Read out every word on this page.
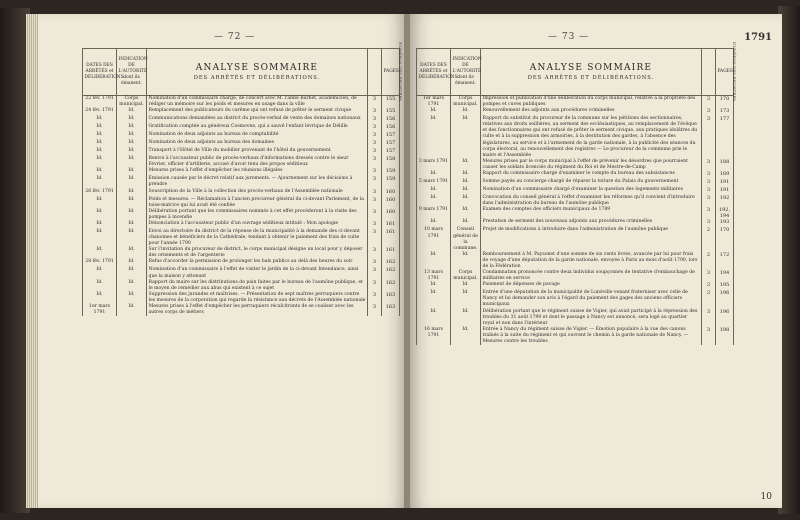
— 72 —
DATES DES ARRÊTÉS et DÉLIBÉRATIONS.	INDICATION DE L'AUTORITÉ dont ils émanent.	ANALYSE SOMMAIRE
DES ARRÊTÉS ET DÉLIBÉRATIONS.	NUMÉROS DES REGISTRES.	PAGES.
22 fév. 1791	Corps municipal.	Nomination d'un commissaire chargé, de concert avec M. l'abbé Barbet, académicien, de rédiger un mémoire sur les poids et mesures en usage dans la ville	3	155
24 fév. 1791	Id.	Remplacement des publicateurs du carême qui ont refusé de prêter le serment civique	3	155
Id.	Id.	Communications demandées au district du procès-verbal de vente des domaines nationaux	3	156
Id.	Id.	Gratification comptée au généreux Cosmovne, qui a sauvé l'enfant lévrique de Délille	3	156
Id.	Id.	Nomination de deux adjoints au bureau de comptabilité	3	157
Id.	Id.	Nomination de deux adjoints au bureau des domaines	3	157
Id.	Id.	Transport à l'Hôtel de Ville du mobilier provenant de l'hôtel du gouvernement	3	157
Id.	Id.	Renvoi à l'accusateur public de procès-verbaux d'informations dressés contre le sieur Février, officier d'artillerie, accusé d'avoir tenu des propos séditieux	3	158
Id.	Id.	Mesures prises à l'effet d'empêcher les réunions illégales	3	159
Id.	Id.	Émission causée par le décret relatif aux jurements. — Ajournement sur les décisions à prendre	3	159
26 fév. 1791	Id.	Souscription de la Ville à la collection des procès-verbaux de l'Assemblée nationale	3	160
Id.	Id.	Poids et mesures. — Réclamation à l'ancien procureur général du ci-devant Parlement, de la toise-matrice qui lui avait été confiée	3	160
Id.	Id.	Délibération portant que les commissaires nommés à cet effet procéderont à la visite des pompes à incendie	3	160
Id.	Id.	Dénonciation à l'accusateur public d'un ouvrage séditieux intitulé : Mon apologie	3	161
Id.	Id.	Envoi au directoire du district de la réponse de la municipalité à la demande des ci-devant chanoines et bénéficiers de la Cathédrale, tendant à obtenir le paiement des frais de culte pour l'année 1790	3	161
Id.	Id.	Sur l'invitation du procureur de district, le corps municipal désigne un local pour y déposer des ornements et de l'argenterie	3	161
28 fév. 1791	Id.	Refus d'accorder la permission de prolonger les bals publics au delà des heures du soir	3	162
Id.	Id.	Nomination d'un commissaire à l'effet de visiter le jardin de la ci-devant Intendance, ainsi que la maison y attenant	3	162
Id.	Id.	Rapport du maire sur les distributions de pain faites par le bureau de l'aumône publique, et le moyen de remédier aux abus qui existent à ce sujet	3	162
Id.	Id.	Suppression des jurandes et maîtrises. — Présentation de sept maîtres perruquiers contre les mesures de la corporation qui regarde la résistance aux décrets de l'Assemblée nationale	3	163
1er mars 1791	Id.	Mesures prises à l'effet d'empêcher les perruquiers récalcitrants de se coaliser avec les autres corps de métiers	3	163
— 73 —	1791
DATES DES ARRÊTÉS et DÉLIBÉRATIONS.	INDICATION DE L'AUTORITÉ dont ils émanent.	ANALYSE SOMMAIRE
DES ARRÊTÉS ET DÉLIBÉRATIONS.	NUMÉROS DES REGISTRES.	PAGES.
1er mars 1791	Corps municipal.	Impression et publication d'une délibération du corps municipal, relative à la propriété des pompes et cuves publiques	3	170
Id.	Id.	Renouvellement des adjoints aux procédures criminelles	3	173
Id.	Id.	Rapport du substitut du procureur de la commune sur les pétitions des sectionnaires, relatives aux droits seillières, au serment des ecclésiastiques, au remplacement de l'évêque et des fonctionnaires qui ont refusé de prêter le serment civique, aux pratiques idolâtres du culte et à la suppression des armoiries, à la destitution des gardes, à l'absence des législatures, au service et à l'armement de la garde nationale, à la publicité des séances du corps électoral, au renouvellement des registres — Le procureur de la commune prie le maire et l'Assemblée	3	177
3 mars 1791	Id.	Mesures prises par le corps municipal à l'effet de prévenir les désordres que pourraient causer les soldats licenciés du régiment du Roi et de Mestre-de-Camp	3	188
Id.	Id.	Rapport du commissaire chargé d'examiner le compte du bureau des subsistances	3	189
5 mars 1791	Id.	Somme payée au concierge chargé de réparer la toiture du Palais du gouvernement	3	191
Id.	Id.	Nomination d'un commissaire chargé d'examiner la question des logements militaires	3	191
Id.	Id.	Convocation du conseil général à l'effet d'examiner les réformes qu'il convient d'introduire dans l'administration du bureau de l'aumône publique	3	192
9 mars 1791	Id.	Examen des comptes des officiers municipaux de 1789	3	192, 194
Id.	Id.	Prestation de serment des nouveaux adjoints aux procédures criminelles	3	193
10 mars 1791	Conseil général de la commune.	Projet de modifications à introduire dans l'administration de l'aumône publique	2	170
Id.	Id.	Remboursement à M. Paysonet d'une somme de six cents livres, avancée par lui pour frais de voyage d'une députation de la garde nationale, envoyée à Paris au mois d'août 1790, lors de la Fédération	2	172
13 mars 1791	Corps municipal.	Condamnation prononcée contre deux individus soupçonnés de tentative d'embauchage de militaires en service	3	194
Id.	Id.	Paiement de dépenses de pavage	3	195
Id.	Id.	Entrée d'une députation de la municipalité de Lunéville venant fraterniser avec celle de Nancy et lui demander son avis à l'égard du paiement des gages des anciens officiers municipaux	3	196
Id.	Id.	Délibération portant que le régiment suisse de Vigier, qui avait participé à la répression des troubles du 31 août 1790 et dont le passage à Nancy est annoncé, sera logé au quartier royal et non dans l'intérieur	3	196
16 mars 1791	Id.	Entrée à Nancy du régiment suisse de Vigier. — Émotion populaire à la vue des canons traînés à la suite du régiment et qui ouvrent le chemin à la garde nationale de Nancy. — Mesures contre les troubles	3	198
10
